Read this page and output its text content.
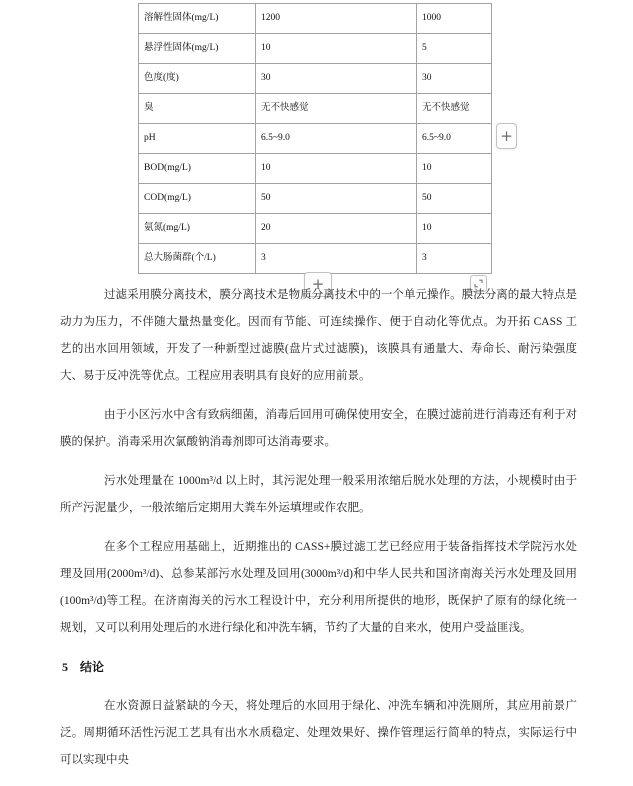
溶解性固体(mg/L)	1200	1000
悬浮性固体(mg/L)	10	5
色度(度)	30	30
臭	无不快感觉	无不快感觉
pH	6.5~9.0	6.5~9.0
BOD(mg/L)	10	10
COD(mg/L)	50	50
氨氮(mg/L)	20	10
总大肠菌群(个/L)	3	3
+
+

过滤采用膜分离技术，膜分离技术是物质分离技术中的一个单元操作。膜法分离的最大特点是动力为压力，不伴随大量热量变化。因而有节能、可连续操作、便于自动化等优点。为开拓 CASS 工艺的出水回用领域，开发了一种新型过滤膜(盘片式过滤膜)，该膜具有通量大、寿命长、耐污染强度大、易于反冲洗等优点。工程应用表明具有良好的应用前景。

由于小区污水中含有致病细菌，消毒后回用可确保使用安全，在膜过滤前进行消毒还有利于对膜的保护。消毒采用次氯酸钠消毒剂即可达消毒要求。

污水处理量在 1000m³/d 以上时，其污泥处理一般采用浓缩后脱水处理的方法，小规模时由于所产污泥量少，一般浓缩后定期用大粪车外运填埋或作农肥。

在多个工程应用基础上，近期推出的 CASS+膜过滤工艺已经应用于装备指挥技术学院污水处理及回用(2000m³/d)、总参某部污水处理及回用(3000m³/d)和中华人民共和国济南海关污水处理及回用(100m³/d)等工程。在济南海关的污水工程设计中，充分利用所提供的地形，既保护了原有的绿化统一规划，又可以利用处理后的水进行绿化和冲洗车辆，节约了大量的自来水，使用户受益匪浅。

5 结论

在水资源日益紧缺的今天，将处理后的水回用于绿化、冲洗车辆和冲洗厕所，其应用前景广泛。周期循环活性污泥工艺具有出水水质稳定、处理效果好、操作管理运行简单的特点，实际运行中可以实现中央
